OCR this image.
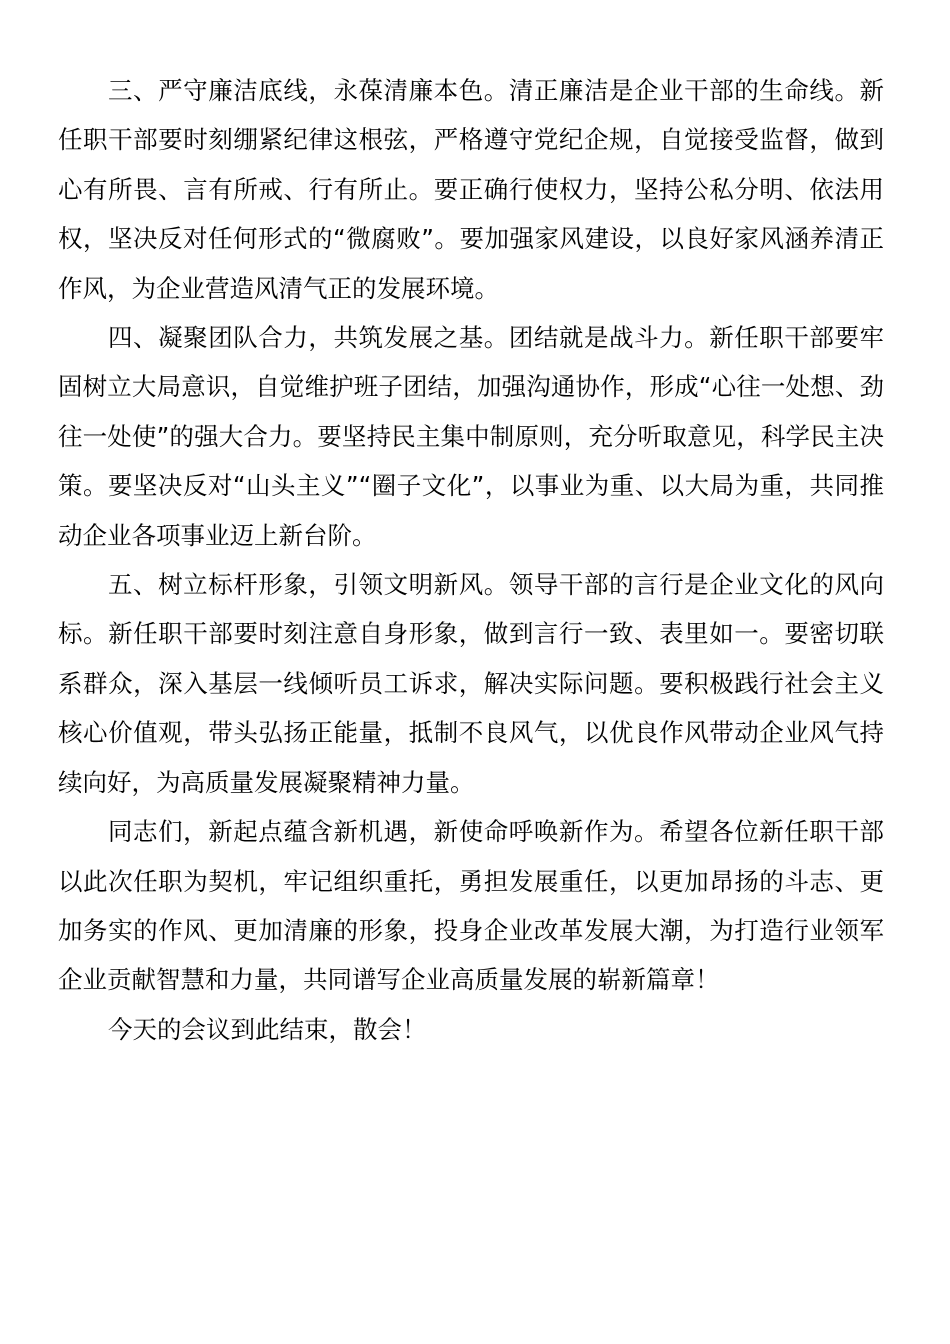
三、严守廉洁底线，永葆清廉本色。清正廉洁是企业干部的生命线。新任职干部要时刻绷紧纪律这根弦，严格遵守党纪企规，自觉接受监督，做到心有所畏、言有所戒、行有所止。要正确行使权力，坚持公私分明、依法用权，坚决反对任何形式的“微腐败”。要加强家风建设，以良好家风涵养清正作风，为企业营造风清气正的发展环境。

四、凝聚团队合力，共筑发展之基。团结就是战斗力。新任职干部要牢固树立大局意识，自觉维护班子团结，加强沟通协作，形成“心往一处想、劲往一处使”的强大合力。要坚持民主集中制原则，充分听取意见，科学民主决策。要坚决反对“山头主义”“圈子文化”，以事业为重、以大局为重，共同推动企业各项事业迈上新台阶。

五、树立标杆形象，引领文明新风。领导干部的言行是企业文化的风向标。新任职干部要时刻注意自身形象，做到言行一致、表里如一。要密切联系群众，深入基层一线倾听员工诉求，解决实际问题。要积极践行社会主义核心价值观，带头弘扬正能量，抵制不良风气，以优良作风带动企业风气持续向好，为高质量发展凝聚精神力量。

同志们，新起点蕴含新机遇，新使命呼唤新作为。希望各位新任职干部以此次任职为契机，牢记组织重托，勇担发展重任，以更加昂扬的斗志、更加务实的作风、更加清廉的形象，投身企业改革发展大潮，为打造行业领军企业贡献智慧和力量，共同谱写企业高质量发展的崭新篇章！

今天的会议到此结束，散会！
